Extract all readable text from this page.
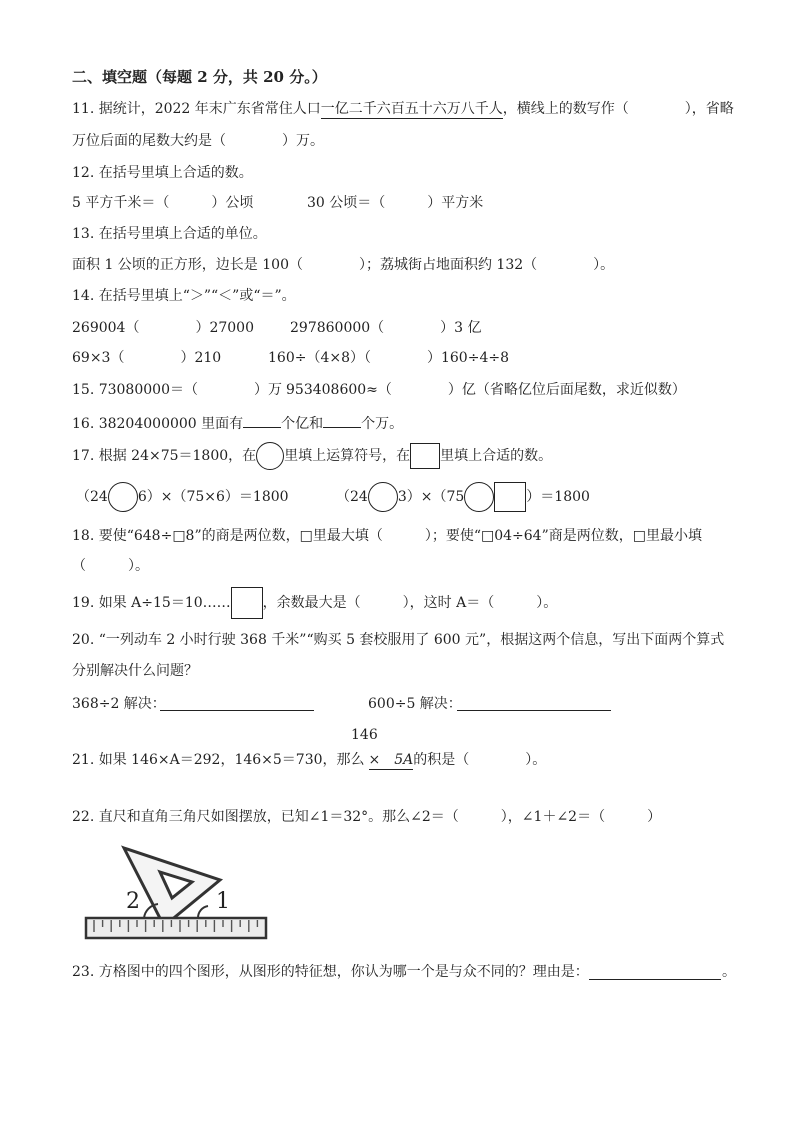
二、填空题（每题 2 分，共 20 分。）
11. 据统计，2022 年末广东省常住人口一亿二千六百五十六万八千人，横线上的数写作（　　　　），省略
万位后面的尾数大约是（　　　　）万。
12. 在括号里填上合适的数。
5 平方千米＝（　　　）公顷	30 公顷＝（　　　）平方米
13. 在括号里填上合适的单位。
面积 1 公顷的正方形，边长是 100（　　　　）；荔城街占地面积约 132（　　　　）。
14. 在括号里填上“＞”“＜”或“＝”。
269004（　　　　）27000	297860000（　　　　）3 亿
69×3（　　　　）210	160÷（4×8）（　　　　）160÷4÷8
15. 73080000＝（　　　　）万 953408600≈（　　　　）亿（省略亿位后面尾数，求近似数）
16. 38204000000 里面有	个亿和	个万。
17. 根据 24×75＝1800，在 里填上运算符号，在 里填上合适的数。
（24 6）×（75×6）＝1800	（24 3）×（75	）＝1800
18. 要使“648÷□8”的商是两位数，□里最大填（　　　）；要使“□04÷64”商是两位数，□里最小填
（　　　）。
19. 如果 A÷15＝10…… ，余数最大是（　　　），这时 A＝（　　　）。
20. “一列动车 2 小时行驶 368 千米”“购买 5 套校服用了 600 元”，根据这两个信息，写出下面两个算式
分别解决什么问题？
368÷2 解决：	600÷5 解决：
146
21. 如果 146×A＝292，146×5＝730，那么 ×　5A的积是（　　　　）。
22. 直尺和直角三角尺如图摆放，已知∠1＝32°。那么∠2＝（　　　），∠1＋∠2＝（　　　）
2	1
23. 方格图中的四个图形，从图形的特征想，你认为哪一个是与众不同的？理由是：	。
